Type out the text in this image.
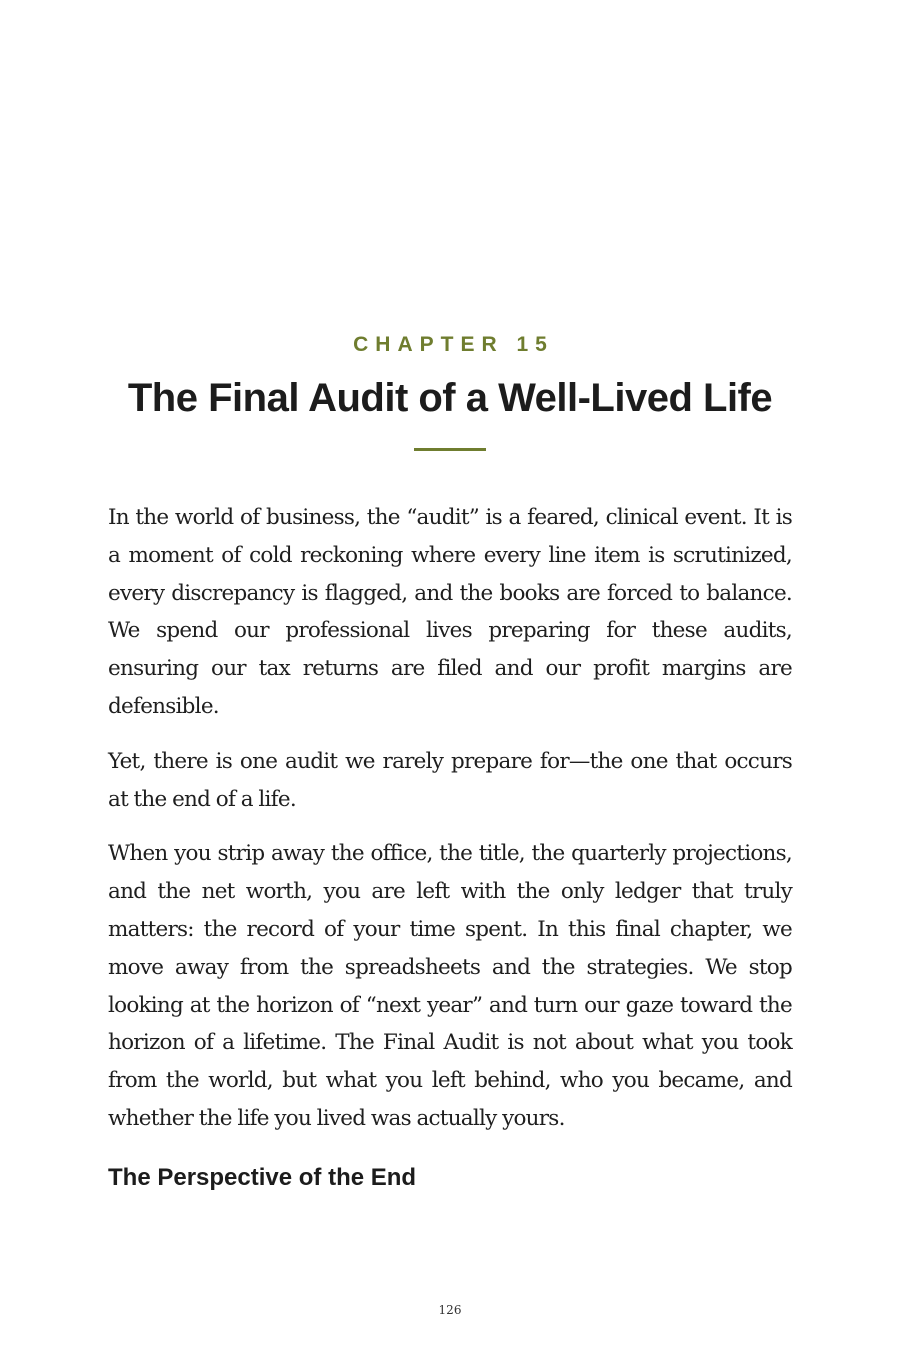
CHAPTER 15
The Final Audit of a Well-Lived Life

In the world of business, the “audit” is a feared, clinical event. It is a moment of cold reckoning where every line item is scrutinized, every discrepancy is flagged, and the books are forced to balance. We spend our professional lives preparing for these audits, ensuring our tax returns are filed and our profit margins are defensible.

Yet, there is one audit we rarely prepare for—the one that occurs at the end of a life.

When you strip away the office, the title, the quarterly projections, and the net worth, you are left with the only ledger that truly matters: the record of your time spent. In this final chapter, we move away from the spreadsheets and the strategies. We stop looking at the horizon of “next year” and turn our gaze toward the horizon of a lifetime. The Final Audit is not about what you took from the world, but what you left behind, who you became, and whether the life you lived was actually yours.

The Perspective of the End
126
